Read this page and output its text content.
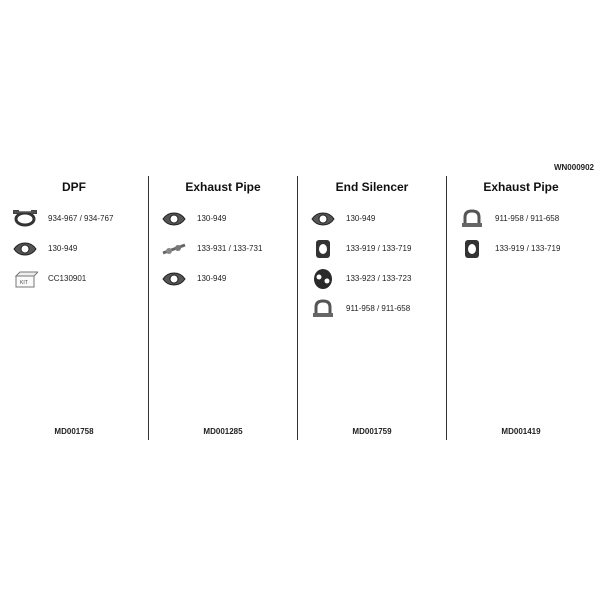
WN000902
DPF
934-967 / 934-767
130-949
KIT	CC130901
MD001758
Exhaust Pipe
130-949
133-931 / 133-731
130-949
MD001285
End Silencer
130-949
133-919 / 133-719
133-923 / 133-723
911-958 / 911-658
MD001759
Exhaust Pipe
911-958 / 911-658
133-919 / 133-719
MD001419
